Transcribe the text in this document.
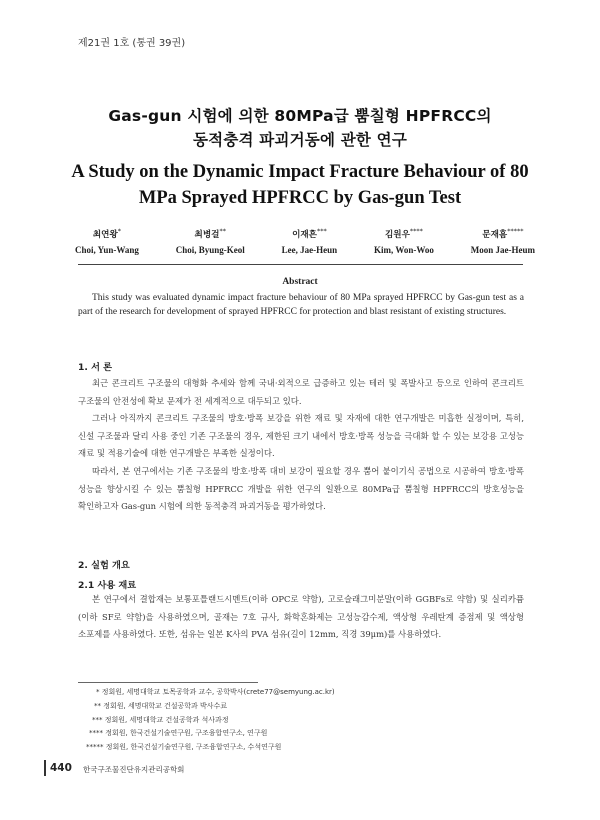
제21권 1호 (통권 39권)
Gas-gun 시험에 의한 80MPa급 뿜칠형 HPFRCC의
동적충격 파괴거동에 관한 연구
A Study on the Dynamic Impact Fracture Behaviour of 80
MPa Sprayed HPFRCC by Gas-gun Test
최연왕*
Choi, Yun-Wang
최병걸**
Choi, Byung-Keol
이재흔***
Lee, Jae-Heun
김원우****
Kim, Won-Woo
문재흠*****
Moon Jae-Heum
Abstract
This study was evaluated dynamic impact fracture behaviour of 80 MPa sprayed HPFRCC by Gas-gun test as a part of the research for development of sprayed HPFRCC for protection and blast resistant of existing structures.
1. 서 론
최근 콘크리트 구조물의 대형화 추세와 함께 국내·외적으로 급증하고 있는 테러 및 폭발사고 등으로 인하여 콘크리트 구조물의 안전성에 확보 문제가 전 세계적으로 대두되고 있다.
그러나 아직까지 콘크리트 구조물의 방호·방폭 보강을 위한 재료 및 자재에 대한 연구개발은 미흡한 실정이며, 특히, 신설 구조물과 달리 사용 중인 기존 구조물의 경우, 제한된 크기 내에서 방호·방폭 성능을 극대화 할 수 있는 보강용 고성능 재료 및 적용기술에 대한 연구개발은 부족한 실정이다.
따라서, 본 연구에서는 기존 구조물의 방호·방폭 대비 보강이 필요할 경우 뿜어 붙이기식 공법으로 시공하여 방호·방폭 성능을 향상시킬 수 있는 뿜칠형 HPFRCC 개발을 위한 연구의 일환으로 80MPa급 뿜칠형 HPFRCC의 방호성능을 확인하고자 Gas-gun 시험에 의한 동적충격 파괴거동을 평가하였다.
2. 실험 개요
2.1 사용 재료
본 연구에서 결합재는 보통포틀랜드시멘트(이하 OPC로 약함), 고로슬래그미분말(이하 GGBFs로 약함) 및 실리카퓸(이하 SF로 약함)을 사용하였으며, 골재는 7호 규사, 화학혼화제는 고성능감수제, 액상형 우레탄계 증점제 및 액상형 소포제를 사용하였다. 또한, 섬유는 일본 K사의 PVA 섬유(길이 12mm, 직경 39μm)를 사용하였다.
* 정회원, 세명대학교 토목공학과 교수, 공학박사(crete77@semyung.ac.kr)
** 정회원, 세명대학교 건설공학과 박사수료
*** 정회원, 세명대학교 건설공학과 석사과정
**** 정회원, 한국건설기술연구원, 구조융합연구소, 연구원
***** 정회원, 한국건설기술연구원, 구조융합연구소, 수석연구원
440 한국구조물진단유지관리공학회
